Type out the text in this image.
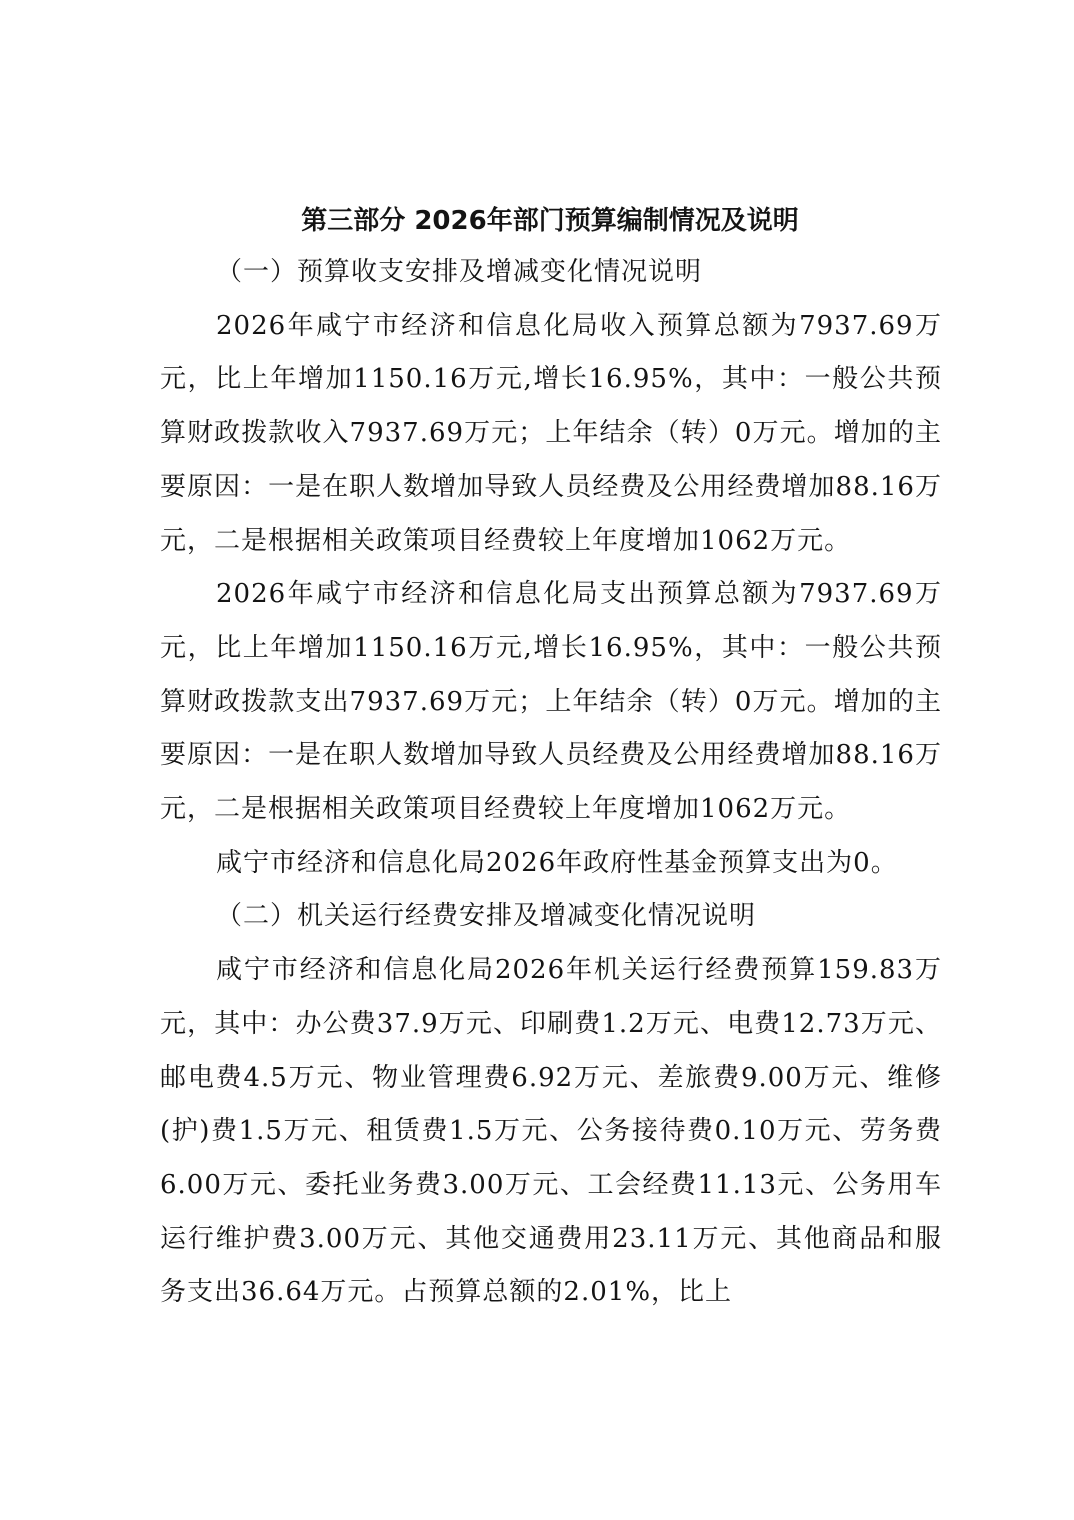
第三部分 2026年部门预算编制情况及说明

（一）预算收支安排及增减变化情况说明

2026年咸宁市经济和信息化局收入预算总额为7937.69万元，比上年增加1150.16万元,增长16.95%，其中：一般公共预算财政拨款收入7937.69万元；上年结余（转）0万元。增加的主要原因：一是在职人数增加导致人员经费及公用经费增加88.16万元，二是根据相关政策项目经费较上年度增加1062万元。

2026年咸宁市经济和信息化局支出预算总额为7937.69万元，比上年增加1150.16万元,增长16.95%，其中：一般公共预算财政拨款支出7937.69万元；上年结余（转）0万元。增加的主要原因：一是在职人数增加导致人员经费及公用经费增加88.16万元，二是根据相关政策项目经费较上年度增加1062万元。

咸宁市经济和信息化局2026年政府性基金预算支出为0。

（二）机关运行经费安排及增减变化情况说明

咸宁市经济和信息化局2026年机关运行经费预算159.83万元，其中：办公费37.9万元、印刷费1.2万元、电费12.73万元、邮电费4.5万元、物业管理费6.92万元、差旅费9.00万元、维修(护)费1.5万元、租赁费1.5万元、公务接待费0.10万元、劳务费6.00万元、委托业务费3.00万元、工会经费11.13元、公务用车运行维护费3.00万元、其他交通费用23.11万元、其他商品和服务支出36.64万元。占预算总额的2.01%，比上
